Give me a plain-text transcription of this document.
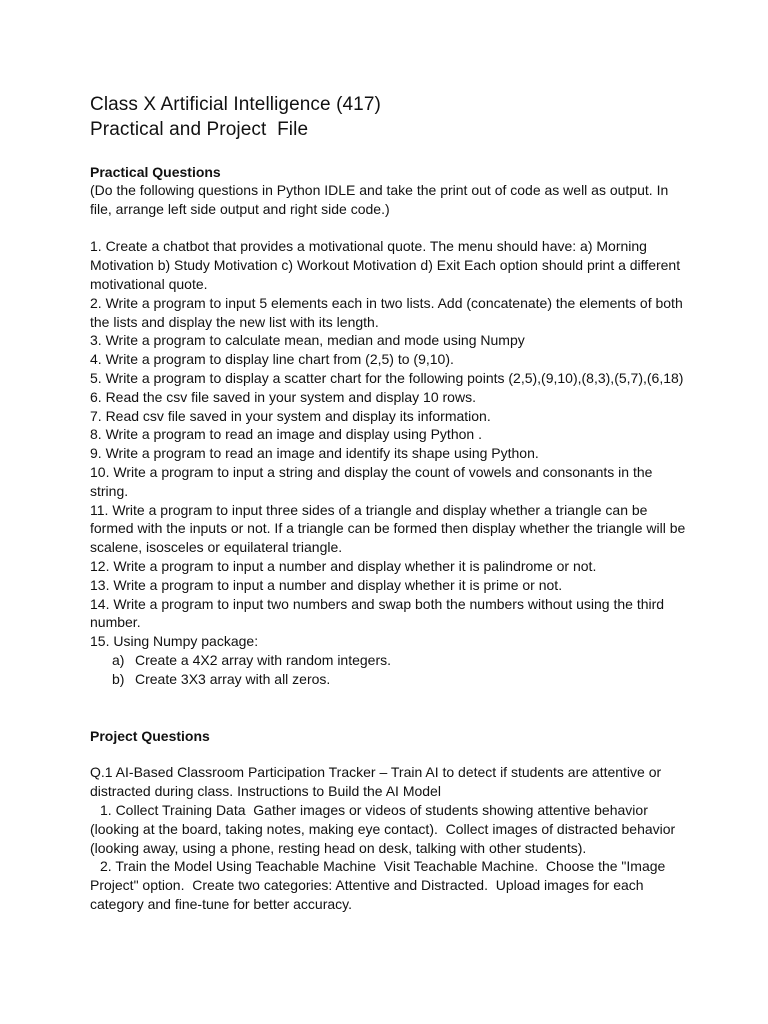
Class X Artificial Intelligence (417)

Practical and Project  File

Practical Questions

(Do the following questions in Python IDLE and take the print out of code as well as output. In file, arrange left side output and right side code.)

1. Create a chatbot that provides a motivational quote. The menu should have: a) Morning Motivation b) Study Motivation c) Workout Motivation d) Exit Each option should print a different motivational quote.

2. Write a program to input 5 elements each in two lists. Add (concatenate) the elements of both the lists and display the new list with its length.

3. Write a program to calculate mean, median and mode using Numpy

4. Write a program to display line chart from (2,5) to (9,10).

5. Write a program to display a scatter chart for the following points (2,5),(9,10),(8,3),(5,7),(6,18)

6. Read the csv file saved in your system and display 10 rows.

7. Read csv file saved in your system and display its information.

8. Write a program to read an image and display using Python .

9. Write a program to read an image and identify its shape using Python.

10. Write a program to input a string and display the count of vowels and consonants in the string.

11. Write a program to input three sides of a triangle and display whether a triangle can be formed with the inputs or not. If a triangle can be formed then display whether the triangle will be scalene, isosceles or equilateral triangle.

12. Write a program to input a number and display whether it is palindrome or not.

13. Write a program to input a number and display whether it is prime or not.

14. Write a program to input two numbers and swap both the numbers without using the third number.

15. Using Numpy package:

a) Create a 4X2 array with random integers.

b) Create 3X3 array with all zeros.

Project Questions

Q.1 AI-Based Classroom Participation Tracker – Train AI to detect if students are attentive or distracted during class. Instructions to Build the AI Model

1. Collect Training Data  Gather images or videos of students showing attentive behavior (looking at the board, taking notes, making eye contact).  Collect images of distracted behavior (looking away, using a phone, resting head on desk, talking with other students).

2. Train the Model Using Teachable Machine  Visit Teachable Machine.  Choose the "Image Project" option.  Create two categories: Attentive and Distracted.  Upload images for each category and fine-tune for better accuracy.
